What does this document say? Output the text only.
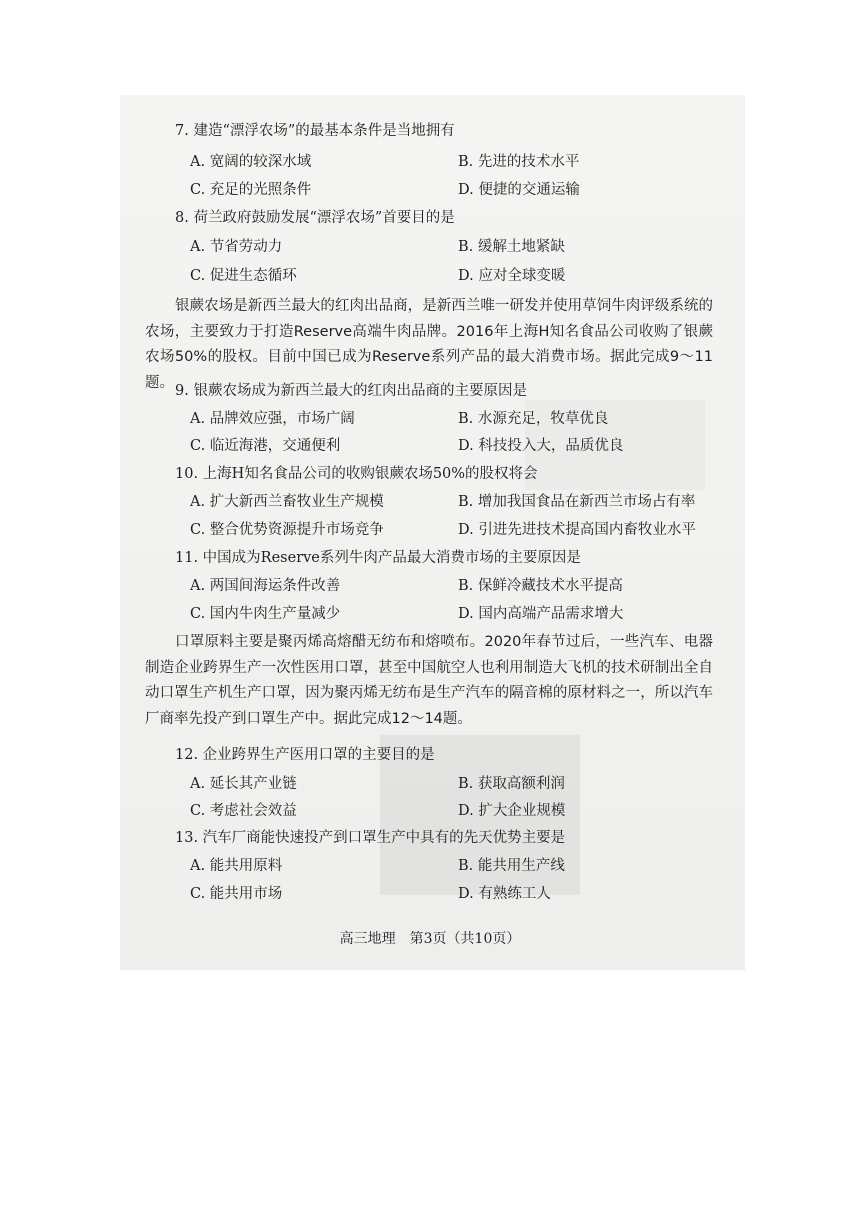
7. 建造“漂浮农场”的最基本条件是当地拥有
A. 宽阔的较深水域	B. 先进的技术水平
C. 充足的光照条件	D. 便捷的交通运输
8. 荷兰政府鼓励发展“漂浮农场”首要目的是
A. 节省劳动力	B. 缓解土地紧缺
C. 促进生态循环	D. 应对全球变暖
银蕨农场是新西兰最大的红肉出品商，是新西兰唯一研发并使用草饲牛肉评级系统的农场，主要致力于打造Reserve高端牛肉品牌。2016年上海H知名食品公司收购了银蕨农场50%的股权。目前中国已成为Reserve系列产品的最大消费市场。据此完成9～11题。
9. 银蕨农场成为新西兰最大的红肉出品商的主要原因是
A. 品牌效应强，市场广阔	B. 水源充足，牧草优良
C. 临近海港，交通便利	D. 科技投入大，品质优良
10. 上海H知名食品公司的收购银蕨农场50%的股权将会
A. 扩大新西兰畜牧业生产规模	B. 增加我国食品在新西兰市场占有率
C. 整合优势资源提升市场竞争	D. 引进先进技术提高国内畜牧业水平
11. 中国成为Reserve系列牛肉产品最大消费市场的主要原因是
A. 两国间海运条件改善	B. 保鲜冷藏技术水平提高
C. 国内牛肉生产量减少	D. 国内高端产品需求增大
口罩原料主要是聚丙烯高熔醋无纺布和熔喷布。2020年春节过后，一些汽车、电器制造企业跨界生产一次性医用口罩，甚至中国航空人也利用制造大飞机的技术研制出全自动口罩生产机生产口罩，因为聚丙烯无纺布是生产汽车的隔音棉的原材料之一，所以汽车厂商率先投产到口罩生产中。据此完成12～14题。
12. 企业跨界生产医用口罩的主要目的是
A. 延长其产业链	B. 获取高额利润
C. 考虑社会效益	D. 扩大企业规模
13. 汽车厂商能快速投产到口罩生产中具有的先天优势主要是
A. 能共用原料	B. 能共用生产线
C. 能共用市场	D. 有熟练工人
高三地理　第3页（共10页）
